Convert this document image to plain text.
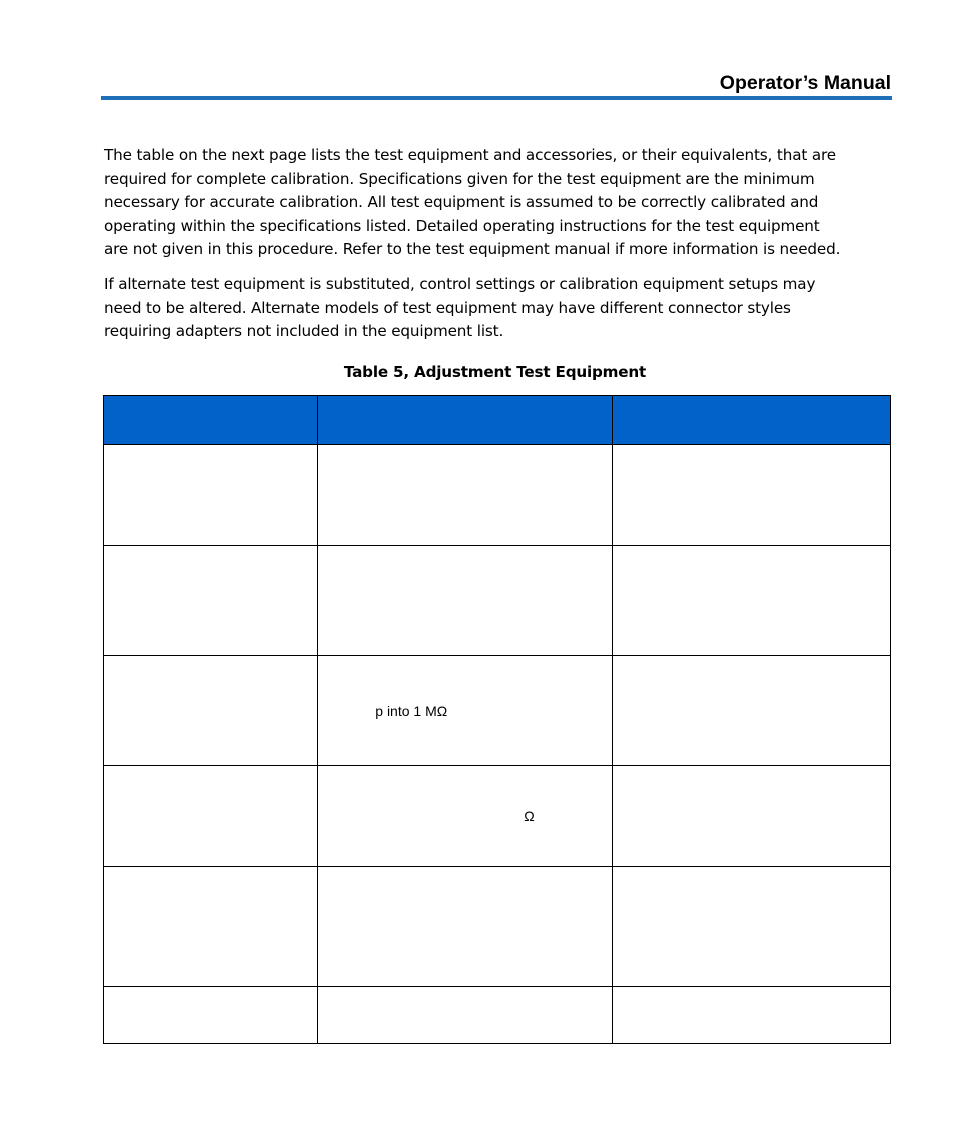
Operator’s Manual

The table on the next page lists the test equipment and accessories, or their equivalents, that are
required for complete calibration. Specifications given for the test equipment are the minimum
necessary for accurate calibration. All test equipment is assumed to be correctly calibrated and
operating within the specifications listed. Detailed operating instructions for the test equipment
are not given in this procedure. Refer to the test equipment manual if more information is needed.

If alternate test equipment is substituted, control settings or calibration equipment setups may
need to be altered. Alternate models of test equipment may have different connector styles
requiring adapters not included in the equipment list.

Table 5, Adjustment Test Equipment

	p into 1 MΩ	

	Ω	
